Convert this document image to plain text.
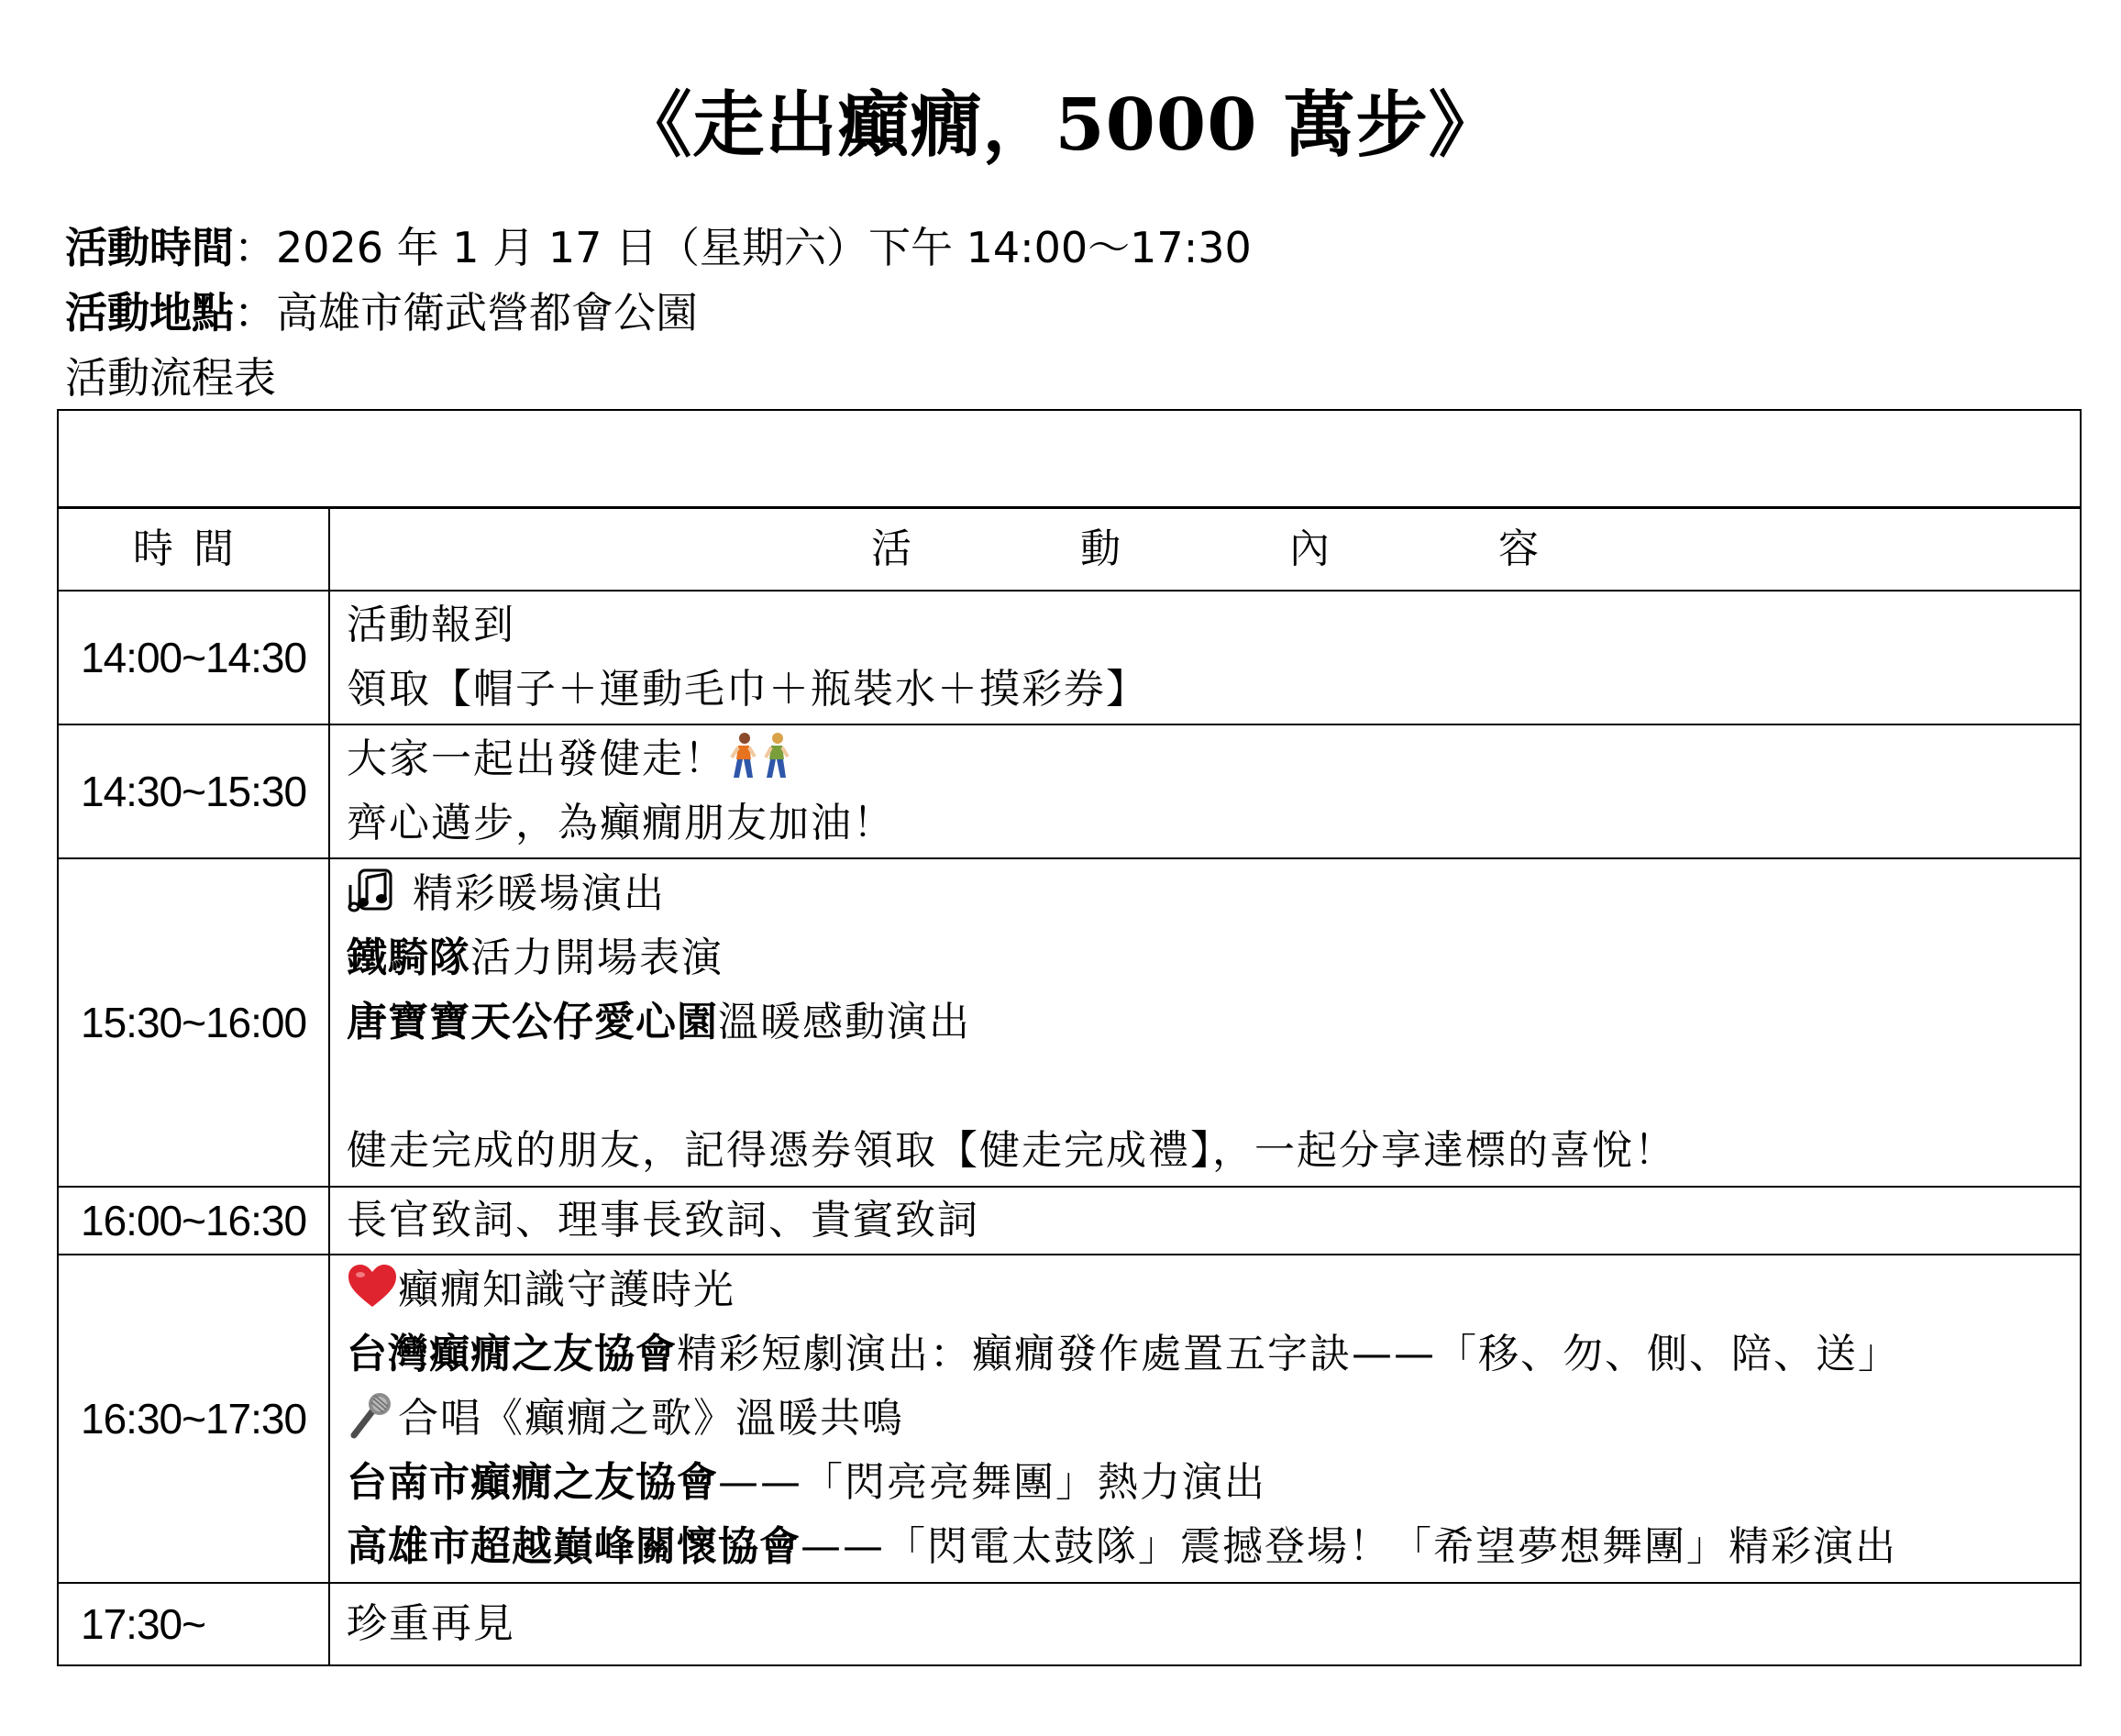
《走出癲癇，5000 萬步》
活動時間：2026 年 1 月 17 日（星期六）下午 14:00～17:30
活動地點：高雄市衛武營都會公園
活動流程表

時間	活 動 內 容
14:00~14:30	活動報到
領取【帽子＋運動毛巾＋瓶裝水＋摸彩券】

14:30~15:30	大家一起出發健走！
齊心邁步，為癲癇朋友加油！

15:30~16:00	精彩暖場演出
鐵騎隊活力開場表演
唐寶寶天公仔愛心園溫暖感動演出
健走完成的朋友，記得憑券領取【健走完成禮】，一起分享達標的喜悅！

16:00~16:30	長官致詞、理事長致詞、貴賓致詞

16:30~17:30	癲癇知識守護時光
台灣癲癇之友協會精彩短劇演出：癲癇發作處置五字訣——「移、勿、側、陪、送」
合唱《癲癇之歌》溫暖共鳴
台南市癲癇之友協會——「閃亮亮舞團」熱力演出
高雄市超越巔峰關懷協會——「閃電太鼓隊」震撼登場！「希望夢想舞團」精彩演出

17:30~	珍重再見
